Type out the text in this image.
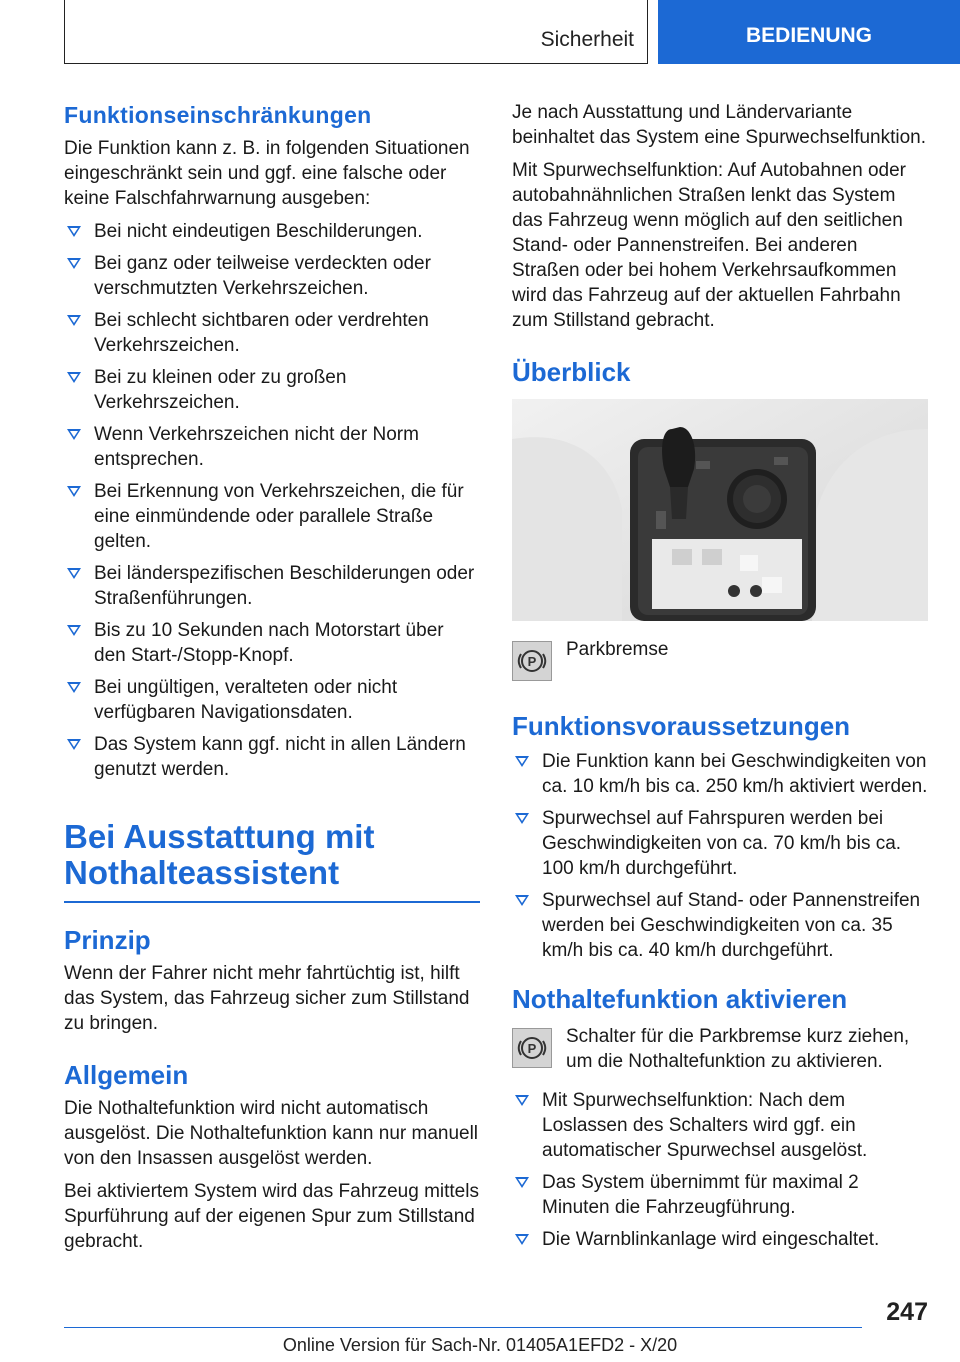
Sicherheit	BEDIENUNG
Funktionseinschränkungen

Die Funktion kann z. B. in folgenden Situationen eingeschränkt sein und ggf. eine falsche oder keine Falschfahrwarnung ausgeben:

Bei nicht eindeutigen Beschilderungen.
Bei ganz oder teilweise verdeckten oder verschmutzten Verkehrszeichen.
Bei schlecht sichtbaren oder verdrehten Verkehrszeichen.
Bei zu kleinen oder zu großen Verkehrszeichen.
Wenn Verkehrszeichen nicht der Norm entsprechen.
Bei Erkennung von Verkehrszeichen, die für eine einmündende oder parallele Straße gelten.
Bei länderspezifischen Beschilderungen oder Straßenführungen.
Bis zu 10 Sekunden nach Motorstart über den Start-/Stopp-Knopf.
Bei ungültigen, veralteten oder nicht verfügbaren Navigationsdaten.
Das System kann ggf. nicht in allen Ländern genutzt werden.
Bei Ausstattung mit Nothalteassistent
Prinzip

Wenn der Fahrer nicht mehr fahrtüchtig ist, hilft das System, das Fahrzeug sicher zum Stillstand zu bringen.

Allgemein

Die Nothaltefunktion wird nicht automatisch ausgelöst. Die Nothaltefunktion kann nur manuell von den Insassen ausgelöst werden.

Bei aktiviertem System wird das Fahrzeug mittels Spurführung auf der eigenen Spur zum Stillstand gebracht.

Je nach Ausstattung und Ländervariante beinhaltet das System eine Spurwechselfunktion.

Mit Spurwechselfunktion: Auf Autobahnen oder autobahnähnlichen Straßen lenkt das System das Fahrzeug wenn möglich auf den seitlichen Stand- oder Pannenstreifen. Bei anderen Straßen oder bei hohem Verkehrsaufkommen wird das Fahrzeug auf der aktuellen Fahrbahn zum Stillstand gebracht.

Überblick
P

Parkbremse

Funktionsvoraussetzungen
Die Funktion kann bei Geschwindigkeiten von ca. 10 km/h bis ca. 250 km/h aktiviert werden.
Spurwechsel auf Fahrspuren werden bei Geschwindigkeiten von ca. 70 km/h bis ca. 100 km/h durchgeführt.
Spurwechsel auf Stand- oder Pannenstreifen werden bei Geschwindigkeiten von ca. 35 km/h bis ca. 40 km/h durchgeführt.
Nothaltefunktion aktivieren
P

Schalter für die Parkbremse kurz ziehen, um die Nothaltefunktion zu aktivieren.

Mit Spurwechselfunktion: Nach dem Loslassen des Schalters wird ggf. ein automatischer Spurwechsel ausgelöst.
Das System übernimmt für maximal 2 Minuten die Fahrzeugführung.
Die Warnblinkanlage wird eingeschaltet.
247
Online Version für Sach-Nr. 01405A1EFD2 - X/20
